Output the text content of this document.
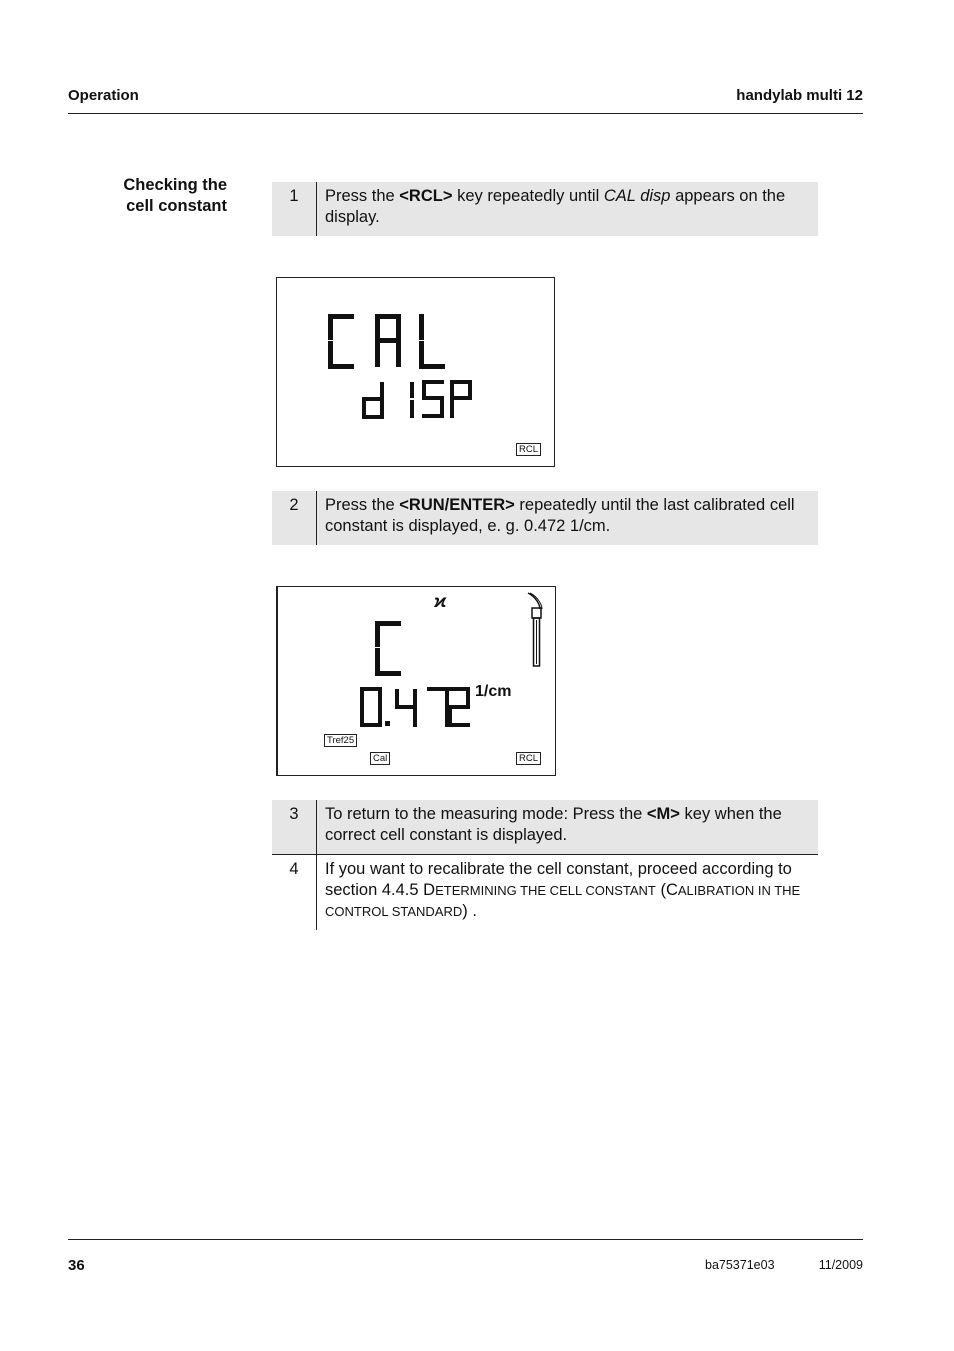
Operation	handylab multi 12
Checking the
cell constant
1	Press the <RCL> key repeatedly until CAL disp appears on the display.
RCL
2	Press the <RUN/ENTER> repeatedly until the last calibrated cell constant is displayed, e. g. 0.472 1/cm.
ϰ
1/cm
Tref25
Cal	RCL
3	To return to the measuring mode: Press the <M> key when the correct cell constant is displayed.
4	If you want to recalibrate the cell constant, proceed according to section 4.4.5 DETERMINING THE CELL CONSTANT (CALIBRATION IN THE CONTROL STANDARD) .
36	ba75371e03	11/2009
